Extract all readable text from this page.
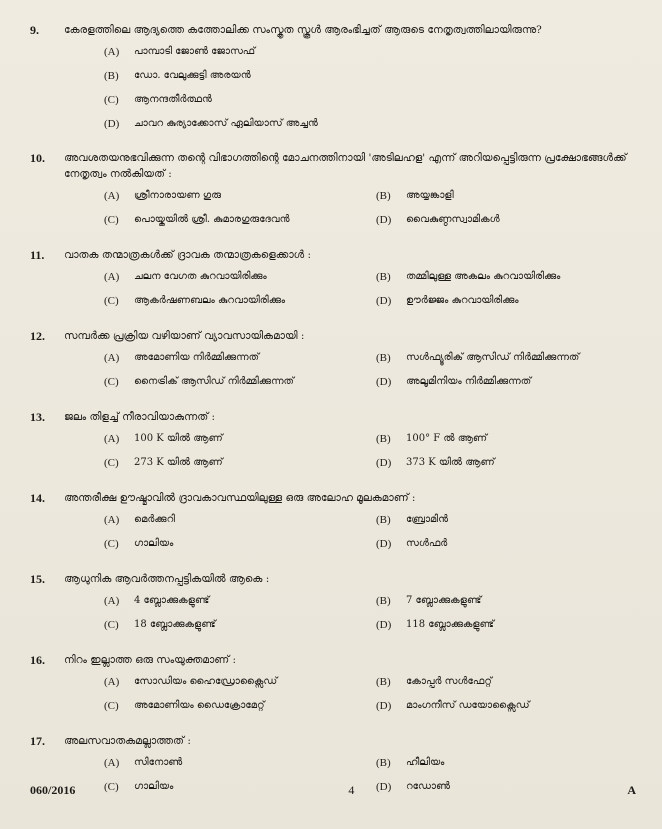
9.	കേരളത്തിലെ ആദ്യത്തെ കത്തോലിക്ക സംസ്കൃത സ്കൂൾ ആരംഭിച്ചത് ആരുടെ നേതൃത്വത്തിലായിരുന്നു?
(A)	പാമ്പാടി ജോൺ ജോസഫ്
(B)	ഡോ. വേലുക്കുട്ടി അരയൻ
(C)	ആനന്ദതീർത്ഥൻ
(D)	ചാവറ കുര്യാക്കോസ് ഏലിയാസ് അച്ചൻ
10.	അവശതയനുഭവിക്കുന്ന തന്റെ വിഭാഗത്തിന്റെ മോചനത്തിനായി 'അടിലഹള' എന്ന് അറിയപ്പെട്ടിരുന്ന പ്രക്ഷോഭങ്ങൾക്ക് നേതൃത്വം നൽകിയത് :
(A)	ശ്രീനാരായണ ഗുരു	(B)	അയ്യങ്കാളി
(C)	പൊയ്കയിൽ ശ്രീ. കുമാരഗുരുദേവൻ	(D)	വൈകുണ്ഠസ്വാമികൾ
11.	വാതക തന്മാത്രകൾക്ക് ദ്രാവക തന്മാത്രകളെക്കാൾ :
(A)	ചലന വേഗത കുറവായിരിക്കും	(B)	തമ്മിലുള്ള അകലം കുറവായിരിക്കും
(C)	ആകർഷണബലം കുറവായിരിക്കും	(D)	ഊർജ്ജം കുറവായിരിക്കും
12.	സമ്പർക്ക പ്രക്രിയ വഴിയാണ് വ്യാവസായികമായി :
(A)	അമോണിയ നിർമ്മിക്കുന്നത്	(B)	സൾഫ്യൂരിക് ആസിഡ് നിർമ്മിക്കുന്നത്
(C)	നൈട്രിക് ആസിഡ് നിർമ്മിക്കുന്നത്	(D)	അലൂമിനിയം നിർമ്മിക്കുന്നത്
13.	ജലം തിളച്ച് നീരാവിയാകുന്നത് :
(A)	100 K യിൽ ആണ്	(B)	100° F ൽ ആണ്
(C)	273 K യിൽ ആണ്	(D)	373 K യിൽ ആണ്
14.	അന്തരീക്ഷ ഊഷ്മാവിൽ ദ്രാവകാവസ്ഥയിലുള്ള ഒരു അലോഹ മൂലകമാണ് :
(A)	മെർക്കുറി	(B)	ബ്രോമിൻ
(C)	ഗാലിയം	(D)	സൾഫർ
15.	ആധുനിക ആവർത്തനപ്പട്ടികയിൽ ആകെ :
(A)	4 ബ്ലോക്കുകളുണ്ട്	(B)	7 ബ്ലോക്കുകളുണ്ട്
(C)	18 ബ്ലോക്കുകളുണ്ട്	(D)	118 ബ്ലോക്കുകളുണ്ട്
16.	നിറം ഇല്ലാത്ത ഒരു സംയുക്തമാണ് :
(A)	സോഡിയം ഹൈഡ്രോക്സൈഡ്	(B)	കോപ്പർ സൾഫേറ്റ്
(C)	അമോണിയം ഡൈക്രോമേറ്റ്	(D)	മാംഗനീസ് ഡയോക്സൈഡ്
17.	അലസവാതകമല്ലാത്തത് :
(A)	സിനോൺ	(B)	ഹീലിയം
(C)	ഗാലിയം	(D)	റഡോൺ
060/2016	4	A
